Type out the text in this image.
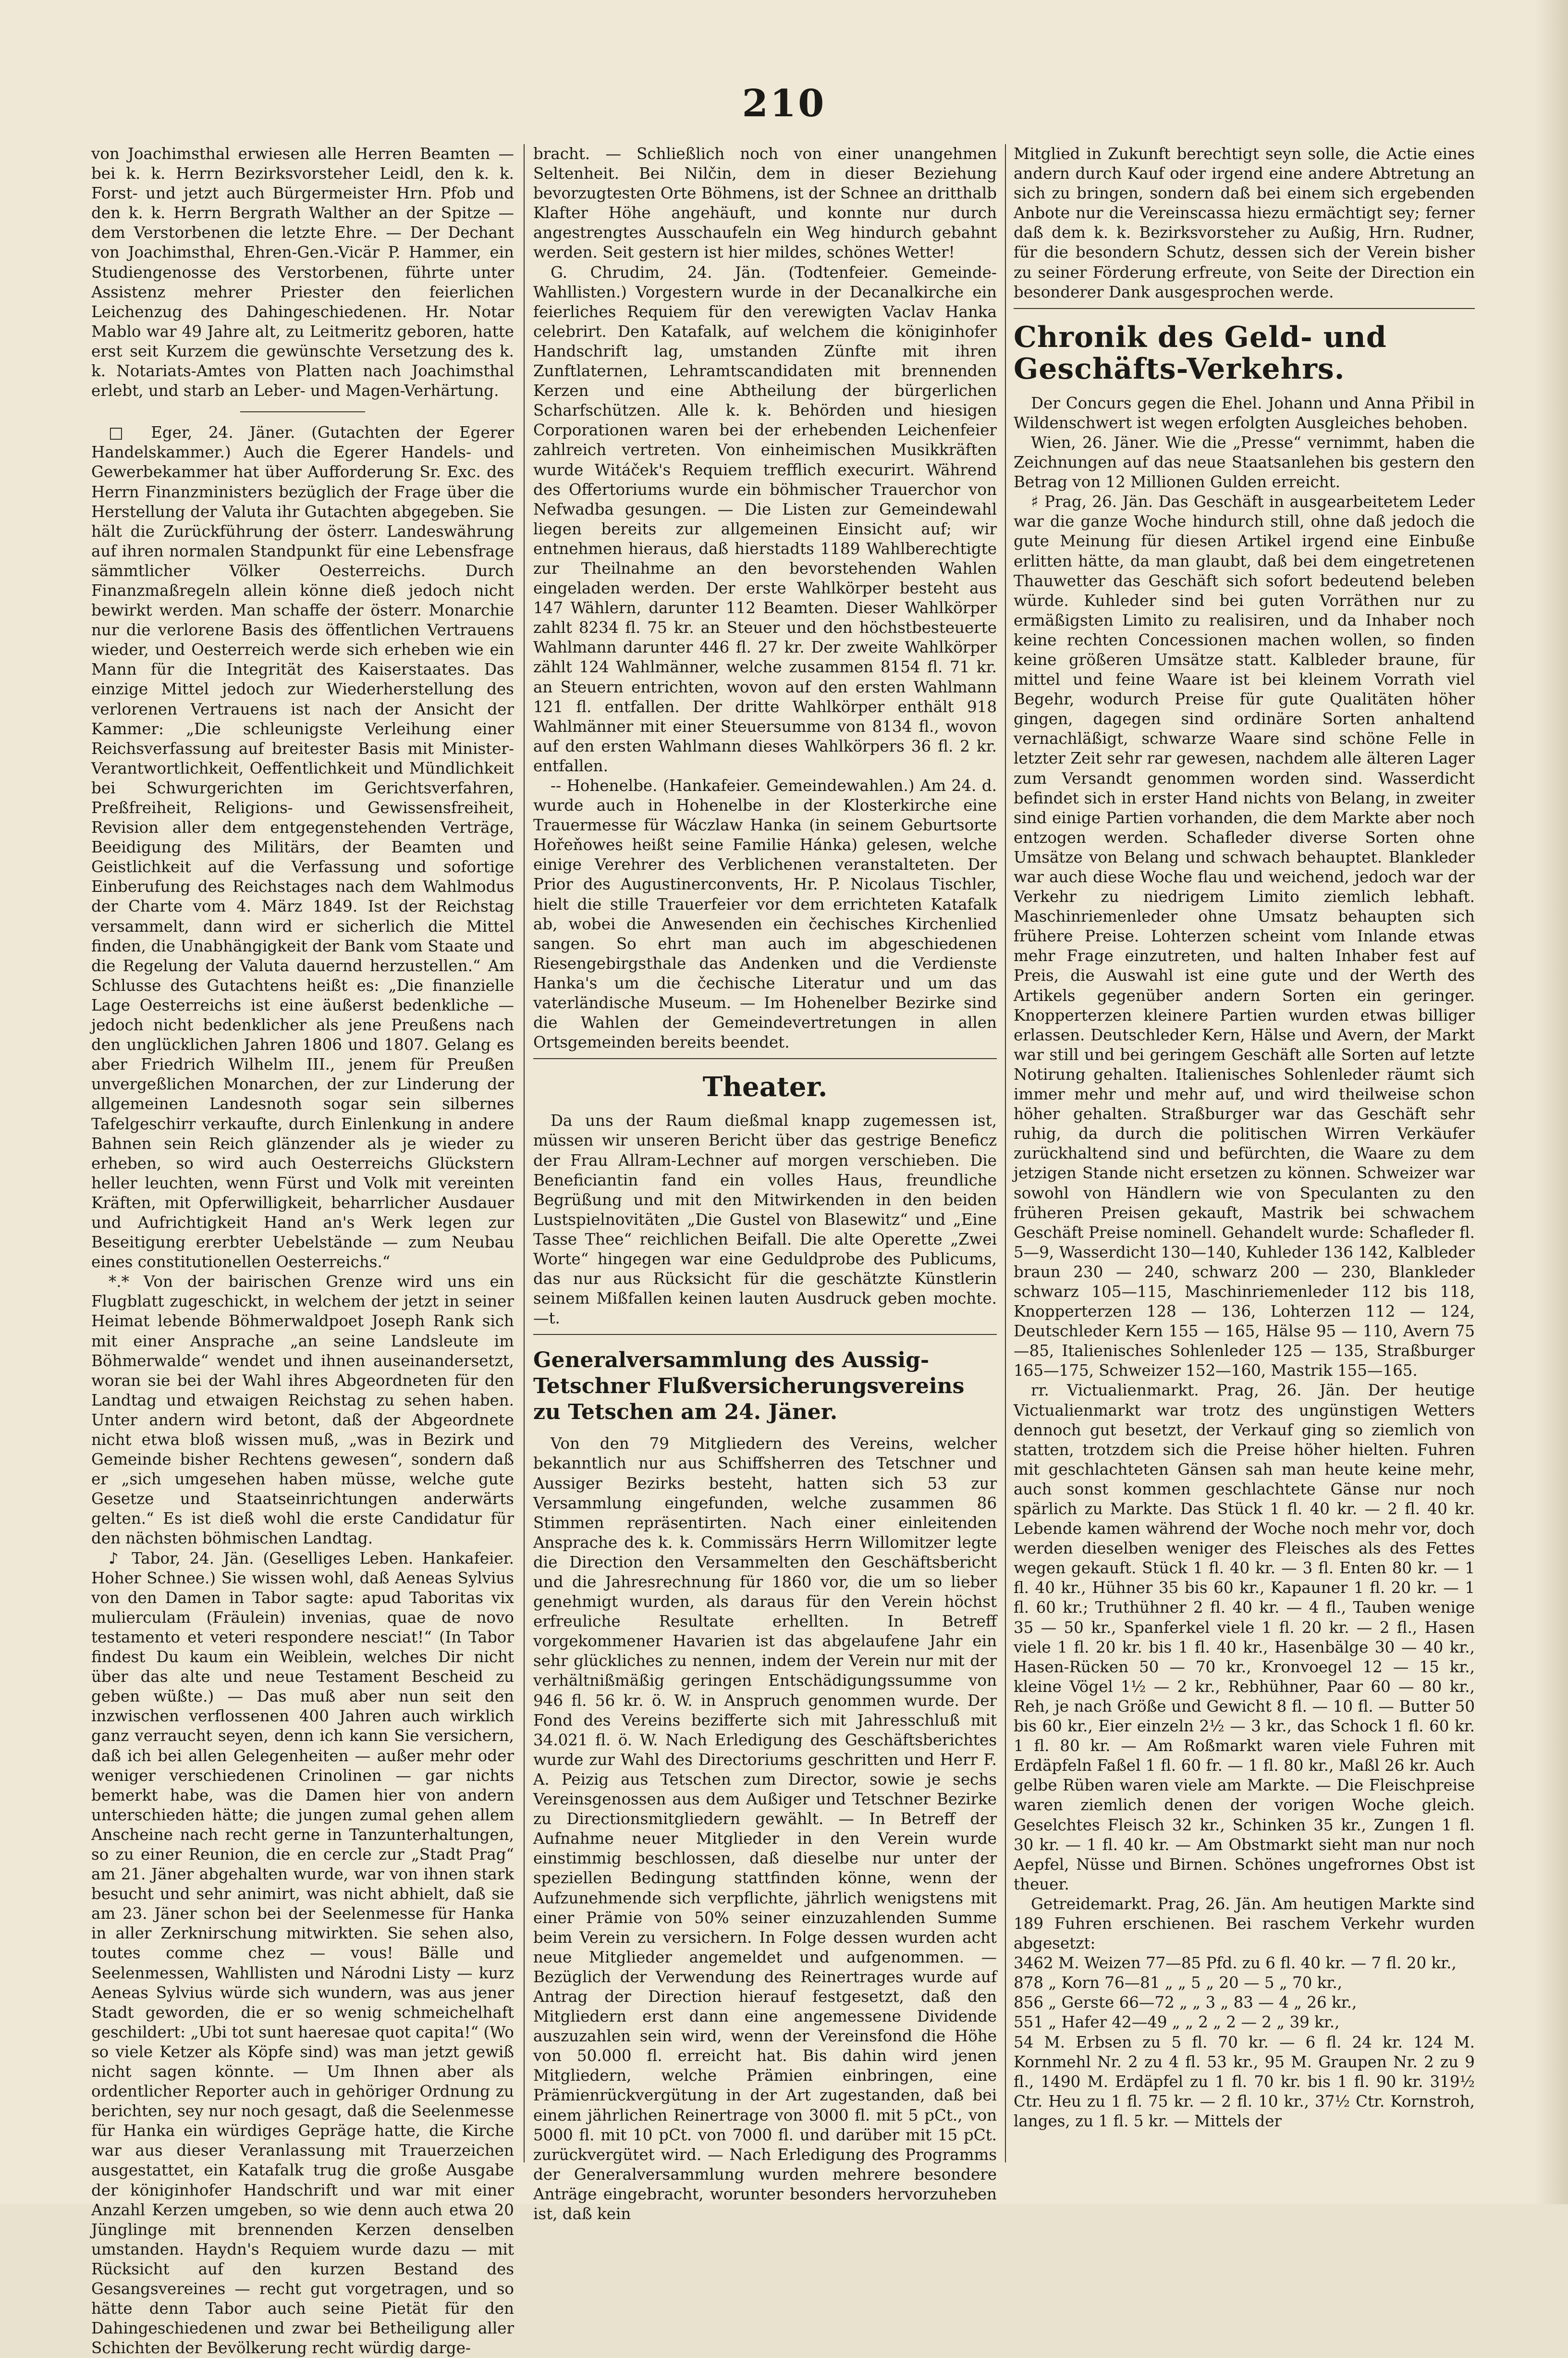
210

von Joachimsthal erwiesen alle Herren Beamten — bei k. k. Herrn Bezirksvorsteher Leidl, den k. k. Forst- und jetzt auch Bürgermeister Hrn. Pfob und den k. k. Herrn Bergrath Walther an der Spitze — dem Verstorbenen die letzte Ehre. — Der Dechant von Joachimsthal, Ehren-Gen.-Vicär P. Hammer, ein Studiengenosse des Verstorbenen, führte unter Assistenz mehrer Priester den feierlichen Leichenzug des Dahingeschiedenen. Hr. Notar Mablo war 49 Jahre alt, zu Leitmeritz geboren, hatte erst seit Kurzem die gewünschte Versetzung des k. k. Notariats-Amtes von Platten nach Joachimsthal erlebt, und starb an Leber- und Magen-Verhärtung.

□ Eger, 24. Jäner. (Gutachten der Egerer Handelskammer.) Auch die Egerer Handels- und Gewerbekammer hat über Aufforderung Sr. Exc. des Herrn Finanzministers bezüglich der Frage über die Herstellung der Valuta ihr Gutachten abgegeben. Sie hält die Zurückführung der österr. Landeswährung auf ihren normalen Standpunkt für eine Lebensfrage sämmtlicher Völker Oesterreichs. Durch Finanzmaßregeln allein könne dieß jedoch nicht bewirkt werden. Man schaffe der österr. Monarchie nur die verlorene Basis des öffentlichen Vertrauens wieder, und Oesterreich werde sich erheben wie ein Mann für die Integrität des Kaiserstaates. Das einzige Mittel jedoch zur Wiederherstellung des verlorenen Vertrauens ist nach der Ansicht der Kammer: „Die schleunigste Verleihung einer Reichsverfassung auf breitester Basis mit Minister-Verantwortlichkeit, Oeffentlichkeit und Mündlichkeit bei Schwurgerichten im Gerichtsverfahren, Preßfreiheit, Religions- und Gewissensfreiheit, Revision aller dem entgegenstehenden Verträge, Beeidigung des Militärs, der Beamten und Geistlichkeit auf die Verfassung und sofortige Einberufung des Reichstages nach dem Wahlmodus der Charte vom 4. März 1849. Ist der Reichstag versammelt, dann wird er sicherlich die Mittel finden, die Unabhängigkeit der Bank vom Staate und die Regelung der Valuta dauernd herzustellen.“ Am Schlusse des Gutachtens heißt es: „Die finanzielle Lage Oesterreichs ist eine äußerst bedenkliche — jedoch nicht bedenklicher als jene Preußens nach den unglücklichen Jahren 1806 und 1807. Gelang es aber Friedrich Wilhelm III., jenem für Preußen unvergeßlichen Monarchen, der zur Linderung der allgemeinen Landesnoth sogar sein silbernes Tafelgeschirr verkaufte, durch Einlenkung in andere Bahnen sein Reich glänzender als je wieder zu erheben, so wird auch Oesterreichs Glückstern heller leuchten, wenn Fürst und Volk mit vereinten Kräften, mit Opferwilligkeit, beharrlicher Ausdauer und Aufrichtigkeit Hand an's Werk legen zur Beseitigung ererbter Uebelstände — zum Neubau eines constitutionellen Oesterreichs.“

*.* Von der bairischen Grenze wird uns ein Flugblatt zugeschickt, in welchem der jetzt in seiner Heimat lebende Böhmerwaldpoet Joseph Rank sich mit einer Ansprache „an seine Landsleute im Böhmerwalde“ wendet und ihnen auseinandersetzt, woran sie bei der Wahl ihres Abgeordneten für den Landtag und etwaigen Reichstag zu sehen haben. Unter andern wird betont, daß der Abgeordnete nicht etwa bloß wissen muß, „was in Bezirk und Gemeinde bisher Rechtens gewesen“, sondern daß er „sich umgesehen haben müsse, welche gute Gesetze und Staatseinrichtungen anderwärts gelten.“ Es ist dieß wohl die erste Candidatur für den nächsten böhmischen Landtag.

♪ Tabor, 24. Jän. (Geselliges Leben. Hankafeier. Hoher Schnee.) Sie wissen wohl, daß Aeneas Sylvius von den Damen in Tabor sagte: apud Taboritas vix mulierculam (Fräulein) invenias, quae de novo testamento et veteri respondere nesciat!“ (In Tabor findest Du kaum ein Weiblein, welches Dir nicht über das alte und neue Testament Bescheid zu geben wüßte.) — Das muß aber nun seit den inzwischen verflossenen 400 Jahren auch wirklich ganz verraucht seyen, denn ich kann Sie versichern, daß ich bei allen Gelegenheiten — außer mehr oder weniger verschiedenen Crinolinen — gar nichts bemerkt habe, was die Damen hier von andern unterschieden hätte; die jungen zumal gehen allem Anscheine nach recht gerne in Tanzunterhaltungen, so zu einer Reunion, die en cercle zur „Stadt Prag“ am 21. Jäner abgehalten wurde, war von ihnen stark besucht und sehr animirt, was nicht abhielt, daß sie am 23. Jäner schon bei der Seelenmesse für Hanka in aller Zerknirschung mitwirkten. Sie sehen also, toutes comme chez — vous! Bälle und Seelenmessen, Wahllisten und Národni Listy — kurz Aeneas Sylvius würde sich wundern, was aus jener Stadt geworden, die er so wenig schmeichelhaft geschildert: „Ubi tot sunt haeresae quot capita!“ (Wo so viele Ketzer als Köpfe sind) was man jetzt gewiß nicht sagen könnte. — Um Ihnen aber als ordentlicher Reporter auch in gehöriger Ordnung zu berichten, sey nur noch gesagt, daß die Seelenmesse für Hanka ein würdiges Gepräge hatte, die Kirche war aus dieser Veranlassung mit Trauerzeichen ausgestattet, ein Katafalk trug die große Ausgabe der königinhofer Handschrift und war mit einer Anzahl Kerzen umgeben, so wie denn auch etwa 20 Jünglinge mit brennenden Kerzen denselben umstanden. Haydn's Requiem wurde dazu — mit Rücksicht auf den kurzen Bestand des Gesangsvereines — recht gut vorgetragen, und so hätte denn Tabor auch seine Pietät für den Dahingeschiedenen und zwar bei Betheiligung aller Schichten der Bevölkerung recht würdig darge-

bracht. — Schließlich noch von einer unangehmen Seltenheit. Bei Nilčin, dem in dieser Beziehung bevorzugtesten Orte Böhmens, ist der Schnee an dritthalb Klafter Höhe angehäuft, und konnte nur durch angestrengtes Ausschaufeln ein Weg hindurch gebahnt werden. Seit gestern ist hier mildes, schönes Wetter!

G. Chrudim, 24. Jän. (Todtenfeier. Gemeinde-Wahllisten.) Vorgestern wurde in der Decanalkirche ein feierliches Requiem für den verewigten Vaclav Hanka celebrirt. Den Katafalk, auf welchem die königinhofer Handschrift lag, umstanden Zünfte mit ihren Zunftlaternen, Lehramtscandidaten mit brennenden Kerzen und eine Abtheilung der bürgerlichen Scharfschützen. Alle k. k. Behörden und hiesigen Corporationen waren bei der erhebenden Leichenfeier zahlreich vertreten. Von einheimischen Musikkräften wurde Witáček's Requiem trefflich execurirt. Während des Offertoriums wurde ein böhmischer Trauerchor von Nefwadba gesungen. — Die Listen zur Gemeindewahl liegen bereits zur allgemeinen Einsicht auf; wir entnehmen hieraus, daß hierstadts 1189 Wahlberechtigte zur Theilnahme an den bevorstehenden Wahlen eingeladen werden. Der erste Wahlkörper besteht aus 147 Wählern, darunter 112 Beamten. Dieser Wahlkörper zahlt 8234 fl. 75 kr. an Steuer und den höchstbesteuerte Wahlmann darunter 446 fl. 27 kr. Der zweite Wahlkörper zählt 124 Wahlmänner, welche zusammen 8154 fl. 71 kr. an Steuern entrichten, wovon auf den ersten Wahlmann 121 fl. entfallen. Der dritte Wahlkörper enthält 918 Wahlmänner mit einer Steuersumme von 8134 fl., wovon auf den ersten Wahlmann dieses Wahlkörpers 36 fl. 2 kr. entfallen.

-- Hohenelbe. (Hankafeier. Gemeindewahlen.) Am 24. d. wurde auch in Hohenelbe in der Klosterkirche eine Trauermesse für Wáczlaw Hanka (in seinem Geburtsorte Hořeňowes heißt seine Familie Hánka) gelesen, welche einige Verehrer des Verblichenen veranstalteten. Der Prior des Augustinerconvents, Hr. P. Nicolaus Tischler, hielt die stille Trauerfeier vor dem errichteten Katafalk ab, wobei die Anwesenden ein čechisches Kirchenlied sangen. So ehrt man auch im abgeschiedenen Riesengebirgsthale das Andenken und die Verdienste Hanka's um die čechische Literatur und um das vaterländische Museum. — Im Hohenelber Bezirke sind die Wahlen der Gemeindevertretungen in allen Ortsgemeinden bereits beendet.

Theater.

Da uns der Raum dießmal knapp zugemessen ist, müssen wir unseren Bericht über das gestrige Beneficz der Frau Allram-Lechner auf morgen verschieben. Die Beneficiantin fand ein volles Haus, freundliche Begrüßung und mit den Mitwirkenden in den beiden Lustspielnovitäten „Die Gustel von Blasewitz“ und „Eine Tasse Thee“ reichlichen Beifall. Die alte Operette „Zwei Worte“ hingegen war eine Geduldprobe des Publicums, das nur aus Rücksicht für die geschätzte Künstlerin seinem Mißfallen keinen lauten Ausdruck geben mochte. —t.

Generalversammlung des Aussig-Tetschner Flußversicherungsvereins zu Tetschen am 24. Jäner.

Von den 79 Mitgliedern des Vereins, welcher bekanntlich nur aus Schiffsherren des Tetschner und Aussiger Bezirks besteht, hatten sich 53 zur Versammlung eingefunden, welche zusammen 86 Stimmen repräsentirten. Nach einer einleitenden Ansprache des k. k. Commissärs Herrn Willomitzer legte die Direction den Versammelten den Geschäftsbericht und die Jahresrechnung für 1860 vor, die um so lieber genehmigt wurden, als daraus für den Verein höchst erfreuliche Resultate erhellten. In Betreff vorgekommener Havarien ist das abgelaufene Jahr ein sehr glückliches zu nennen, indem der Verein nur mit der verhältnißmäßig geringen Entschädigungssumme von 946 fl. 56 kr. ö. W. in Anspruch genommen wurde. Der Fond des Vereins bezifferte sich mit Jahresschluß mit 34.021 fl. ö. W. Nach Erledigung des Geschäftsberichtes wurde zur Wahl des Directoriums geschritten und Herr F. A. Peizig aus Tetschen zum Director, sowie je sechs Vereinsgenossen aus dem Außiger und Tetschner Bezirke zu Directionsmitgliedern gewählt. — In Betreff der Aufnahme neuer Mitglieder in den Verein wurde einstimmig beschlossen, daß dieselbe nur unter der speziellen Bedingung stattfinden könne, wenn der Aufzunehmende sich verpflichte, jährlich wenigstens mit einer Prämie von 50% seiner einzuzahlenden Summe beim Verein zu versichern. In Folge dessen wurden acht neue Mitglieder angemeldet und aufgenommen. — Bezüglich der Verwendung des Reinertrages wurde auf Antrag der Direction hierauf festgesetzt, daß den Mitgliedern erst dann eine angemessene Dividende auszuzahlen sein wird, wenn der Vereinsfond die Höhe von 50.000 fl. erreicht hat. Bis dahin wird jenen Mitgliedern, welche Prämien einbringen, eine Prämienrückvergütung in der Art zugestanden, daß bei einem jährlichen Reinertrage von 3000 fl. mit 5 pCt., von 5000 fl. mit 10 pCt. von 7000 fl. und darüber mit 15 pCt. zurückvergütet wird. — Nach Erledigung des Programms der Generalversammlung wurden mehrere besondere Anträge eingebracht, worunter besonders hervorzuheben ist, daß kein

Mitglied in Zukunft berechtigt seyn solle, die Actie eines andern durch Kauf oder irgend eine andere Abtretung an sich zu bringen, sondern daß bei einem sich ergebenden Anbote nur die Vereinscassa hiezu ermächtigt sey; ferner daß dem k. k. Bezirksvorsteher zu Außig, Hrn. Rudner, für die besondern Schutz, dessen sich der Verein bisher zu seiner Förderung erfreute, von Seite der Direction ein besonderer Dank ausgesprochen werde.

Chronik des Geld- und Geschäfts-Verkehrs.

Der Concurs gegen die Ehel. Johann und Anna Přibil in Wildenschwert ist wegen erfolgten Ausgleiches behoben.

Wien, 26. Jäner. Wie die „Presse“ vernimmt, haben die Zeichnungen auf das neue Staatsanlehen bis gestern den Betrag von 12 Millionen Gulden erreicht.

♯ Prag, 26. Jän. Das Geschäft in ausgearbeitetem Leder war die ganze Woche hindurch still, ohne daß jedoch die gute Meinung für diesen Artikel irgend eine Einbuße erlitten hätte, da man glaubt, daß bei dem eingetretenen Thauwetter das Geschäft sich sofort bedeutend beleben würde. Kuhleder sind bei guten Vorräthen nur zu ermäßigsten Limito zu realisiren, und da Inhaber noch keine rechten Concessionen machen wollen, so finden keine größeren Umsätze statt. Kalbleder braune, für mittel und feine Waare ist bei kleinem Vorrath viel Begehr, wodurch Preise für gute Qualitäten höher gingen, dagegen sind ordinäre Sorten anhaltend vernachläßigt, schwarze Waare sind schöne Felle in letzter Zeit sehr rar gewesen, nachdem alle älteren Lager zum Versandt genommen worden sind. Wasserdicht befindet sich in erster Hand nichts von Belang, in zweiter sind einige Partien vorhanden, die dem Markte aber noch entzogen werden. Schafleder diverse Sorten ohne Umsätze von Belang und schwach behauptet. Blankleder war auch diese Woche flau und weichend, jedoch war der Verkehr zu niedrigem Limito ziemlich lebhaft. Maschinriemenleder ohne Umsatz behaupten sich frühere Preise. Lohterzen scheint vom Inlande etwas mehr Frage einzutreten, und halten Inhaber fest auf Preis, die Auswahl ist eine gute und der Werth des Artikels gegenüber andern Sorten ein geringer. Knopperterzen kleinere Partien wurden etwas billiger erlassen. Deutschleder Kern, Hälse und Avern, der Markt war still und bei geringem Geschäft alle Sorten auf letzte Notirung gehalten. Italienisches Sohlenleder räumt sich immer mehr und mehr auf, und wird theilweise schon höher gehalten. Straßburger war das Geschäft sehr ruhig, da durch die politischen Wirren Verkäufer zurückhaltend sind und befürchten, die Waare zu dem jetzigen Stande nicht ersetzen zu können. Schweizer war sowohl von Händlern wie von Speculanten zu den früheren Preisen gekauft, Mastrik bei schwachem Geschäft Preise nominell. Gehandelt wurde: Schafleder fl. 5—9, Wasserdicht 130—140, Kuhleder 136 142, Kalbleder braun 230 — 240, schwarz 200 — 230, Blankleder schwarz 105—115, Maschinriemenleder 112 bis 118, Knopperterzen 128 — 136, Lohterzen 112 — 124, Deutschleder Kern 155 — 165, Hälse 95 — 110, Avern 75—85, Italienisches Sohlenleder 125 — 135, Straßburger 165—175, Schweizer 152—160, Mastrik 155—165.

rr. Victualienmarkt. Prag, 26. Jän. Der heutige Victualienmarkt war trotz des ungünstigen Wetters dennoch gut besetzt, der Verkauf ging so ziemlich von statten, trotzdem sich die Preise höher hielten. Fuhren mit geschlachteten Gänsen sah man heute keine mehr, auch sonst kommen geschlachtete Gänse nur noch spärlich zu Markte. Das Stück 1 fl. 40 kr. — 2 fl. 40 kr. Lebende kamen während der Woche noch mehr vor, doch werden dieselben weniger des Fleisches als des Fettes wegen gekauft. Stück 1 fl. 40 kr. — 3 fl. Enten 80 kr. — 1 fl. 40 kr., Hühner 35 bis 60 kr., Kapauner 1 fl. 20 kr. — 1 fl. 60 kr.; Truthühner 2 fl. 40 kr. — 4 fl., Tauben wenige 35 — 50 kr., Spanferkel viele 1 fl. 20 kr. — 2 fl., Hasen viele 1 fl. 20 kr. bis 1 fl. 40 kr., Hasenbälge 30 — 40 kr., Hasen-Rücken 50 — 70 kr., Kronvoegel 12 — 15 kr., kleine Vögel 1½ — 2 kr., Rebhühner, Paar 60 — 80 kr., Reh, je nach Größe und Gewicht 8 fl. — 10 fl. — Butter 50 bis 60 kr., Eier einzeln 2½ — 3 kr., das Schock 1 fl. 60 kr. 1 fl. 80 kr. — Am Roßmarkt waren viele Fuhren mit Erdäpfeln Faßel 1 fl. 60 fr. — 1 fl. 80 kr., Maßl 26 kr. Auch gelbe Rüben waren viele am Markte. — Die Fleischpreise waren ziemlich denen der vorigen Woche gleich. Geselchtes Fleisch 32 kr., Schinken 35 kr., Zungen 1 fl. 30 kr. — 1 fl. 40 kr. — Am Obstmarkt sieht man nur noch Aepfel, Nüsse und Birnen. Schönes ungefrornes Obst ist theuer.

Getreidemarkt. Prag, 26. Jän. Am heutigen Markte sind 189 Fuhren erschienen. Bei raschem Verkehr wurden abgesetzt:

3462 M. Weizen 77—85 Pfd. zu 6 fl. 40 kr. — 7 fl. 20 kr.,

878 „ Korn 76—81 „ „ 5 „ 20 — 5 „ 70 kr.,

856 „ Gerste 66—72 „ „ 3 „ 83 — 4 „ 26 kr.,

551 „ Hafer 42—49 „ „ 2 „ 2 — 2 „ 39 kr.,

54 M. Erbsen zu 5 fl. 70 kr. — 6 fl. 24 kr. 124 M. Kornmehl Nr. 2 zu 4 fl. 53 kr., 95 M. Graupen Nr. 2 zu 9 fl., 1490 M. Erdäpfel zu 1 fl. 70 kr. bis 1 fl. 90 kr. 319½ Ctr. Heu zu 1 fl. 75 kr. — 2 fl. 10 kr., 37½ Ctr. Kornstroh, langes, zu 1 fl. 5 kr. — Mittels der
